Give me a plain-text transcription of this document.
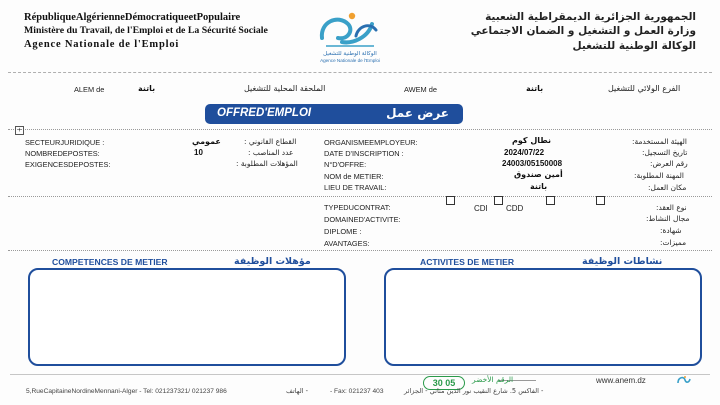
RépubliqueAlgérienneDémocratiqueetPopulaire
Ministère du Travail, de l'Emploi et de La Sécurité Sociale
Agence Nationale de l'Emploi
الوكالة الوطنية للتشغيل
Agence Nationale de l'Emploi
الجمهورية الجزائرية الديمقراطية الشعبية
وزارة العمل و التشغيل و الضمان الاجتماعي
الوكالة الوطنية للتشغيل
ALEM de	باتنة	الملحقة المحلية للتشغيل	AWEM de	باتنة	الفرع الولائي للتشغيل
OFFRED'EMPLOI	عرض عمل
+
SECTEURJURIDIQUE :	عمومي	القطاع القانوني :
NOMBREDEPOSTES:	10	عدد المناصب :
EXIGENCESDEPOSTES:	المؤهلات المطلوبة :
ORGANISMEEMPLOYEUR:	نطال كوم	الهيئة المستخدمة:
DATE D'INSCRIPTION :	2024/07/22	تاريخ التسجيل:
N°D'OFFRE:	24003/05150008	رقم العرض:
NOM de METIER:	أمين صندوق	المهنة المطلوبة:
LIEU DE TRAVAIL:	باتنة	مكان العمل:
TYPEDUCONTRAT:	CDI CDD	نوع العقد:
DOMAINED'ACTIVITE:	مجال النشاط:
DIPLOME :	شهادة:
AVANTAGES:	مميزات:
COMPETENCES DE METIER	مؤهلات الوظيفة	ACTIVITES DE METIER	نشاطات الوظيفة
الرقم الأخضر
30 05	www.anem.dz
5,RueCapitaineNordineMennani-Alger - Tel: 021237321/ 021237 986	- الهاتف	- Fax: 021237 403	- الفاكس 5. شارع النقيب نور الدين مناني - الجزائر
